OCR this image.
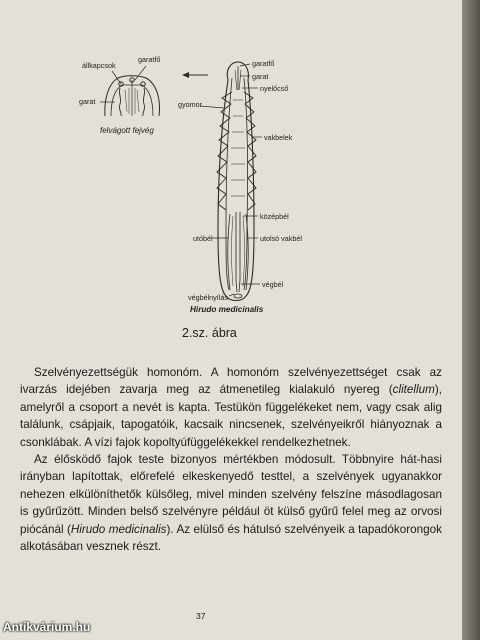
állkapcsok
garatfő
garat
felvágott fejvég
garatfő
garat
nyelőcső
gyomor
vakbelek
középbél
utóbél	utolsó vakbél
végbél
végbélnyílás
Hirudo medicinalis
2.sz. ábra

Szelvényezettségük homonóm. A homonóm szelvényezettséget csak az ivarzás idejében zavarja meg az átmenetileg kialakuló nyereg (clitellum), amelyről a csoport a nevét is kapta. Testükön függelékeket nem, vagy csak alig találunk, csápjaik, tapogatóik, kacsaik nincsenek, szelvényeikről hiányoznak a csonklábak. A vízi fajok kopoltyúfüggelékekkel rendelkezhetnek.

Az élősködő fajok teste bizonyos mértékben módosult. Többnyire hát-hasi irányban lapítottak, előrefelé elkeskenyedő testtel, a szelvények ugyanakkor nehezen elkülöníthetők külsőleg, mivel minden szelvény felszíne másodlagosan is gyűrűzött. Minden belső szelvényre például öt külső gyűrű felel meg az orvosi piócánál (Hirudo medicinalis). Az elülső és hátulsó szelvényeik a tapadókorongok alkotásában vesznek részt.

37
Antikvárium.hu
